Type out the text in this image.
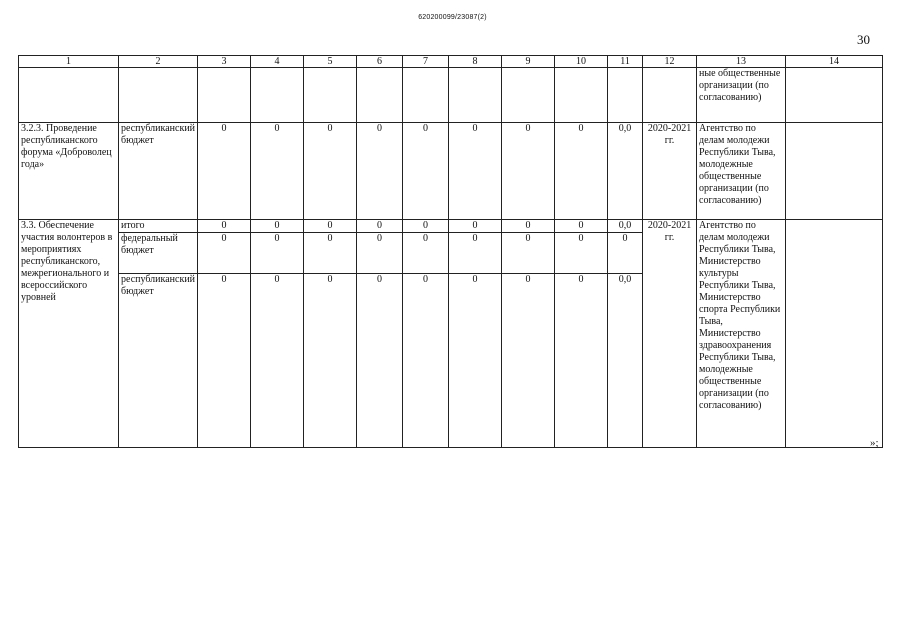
620200099/23087(2)
30
1	2	3	4	5	6	7	8	9	10	11	12	13	14
												ные общественные организации (по согласованию)	
3.2.3. Проведение республиканского форума «Доброволец года»	республиканский бюджет	0	0	0	0	0	0	0	0	0,0	2020-2021 гг.	Агентство по делам молодежи Республики Тыва, молодежные общественные организации (по согласованию)	
3.3. Обеспечение участия волонтеров в мероприятиях республиканского, межрегионального и всероссийского уровней	итого	0	0	0	0	0	0	0	0	0,0	2020-2021 гг.	Агентство по делам молодежи Республики Тыва, Министерство культуры Республики Тыва, Министерство спорта Республики Тыва, Министерство здравоохранения Республики Тыва, молодежные общественные организации (по согласованию)	
	федеральный бюджет	0	0	0	0	0	0	0	0	0			
	республиканский бюджет	0	0	0	0	0	0	0	0	0,0			
»;
